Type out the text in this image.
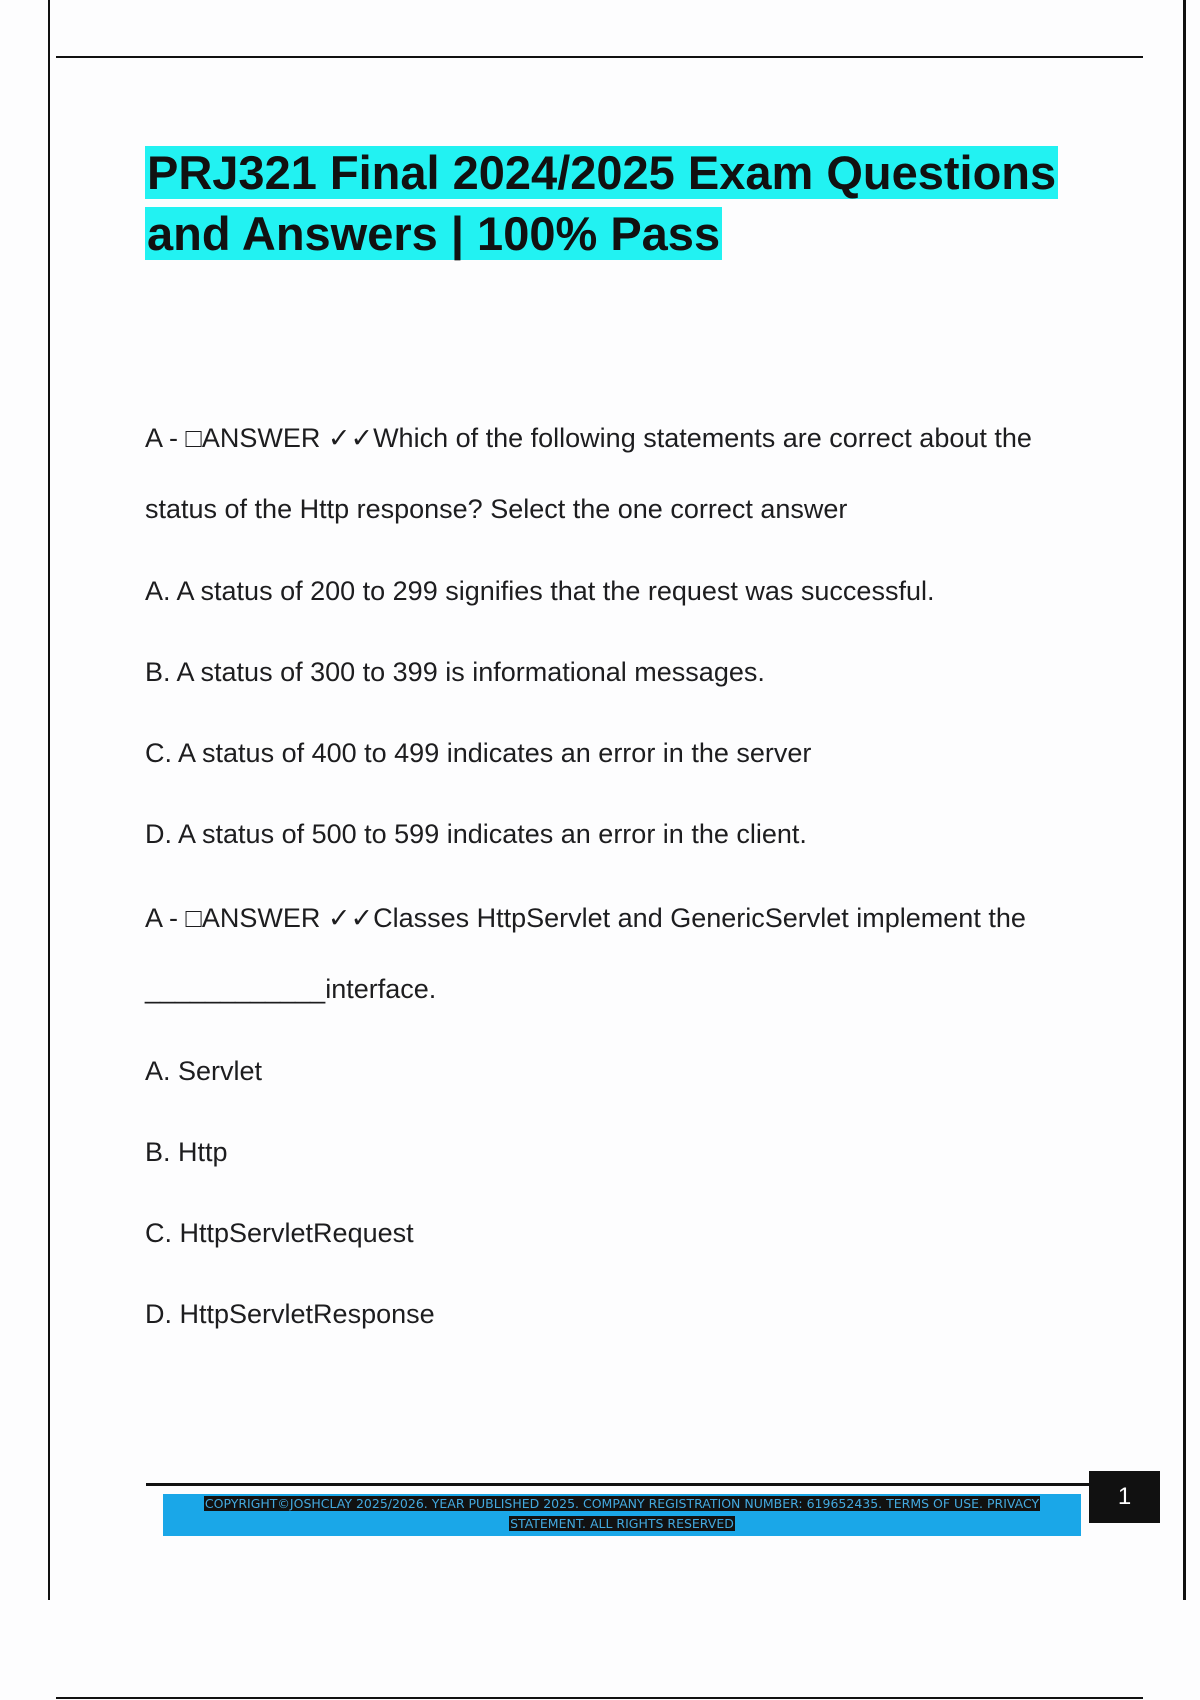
PRJ321 Final 2024/2025 Exam Questions
and Answers | 100% Pass
A - □ANSWER ✓✓Which of the following statements are correct about the
status of the Http response? Select the one correct answer
A. A status of 200 to 299 signifies that the request was successful.
B. A status of 300 to 399 is informational messages.
C. A status of 400 to 499 indicates an error in the server
D. A status of 500 to 599 indicates an error in the client.
A - □ANSWER ✓✓Classes HttpServlet and GenericServlet implement the
____________interface.
A. Servlet
B. Http
C. HttpServletRequest
D. HttpServletResponse
COPYRIGHT©JOSHCLAY 2025/2026. YEAR PUBLISHED 2025. COMPANY REGISTRATION NUMBER: 619652435. TERMS OF USE. PRIVACY
STATEMENT. ALL RIGHTS RESERVED
1
